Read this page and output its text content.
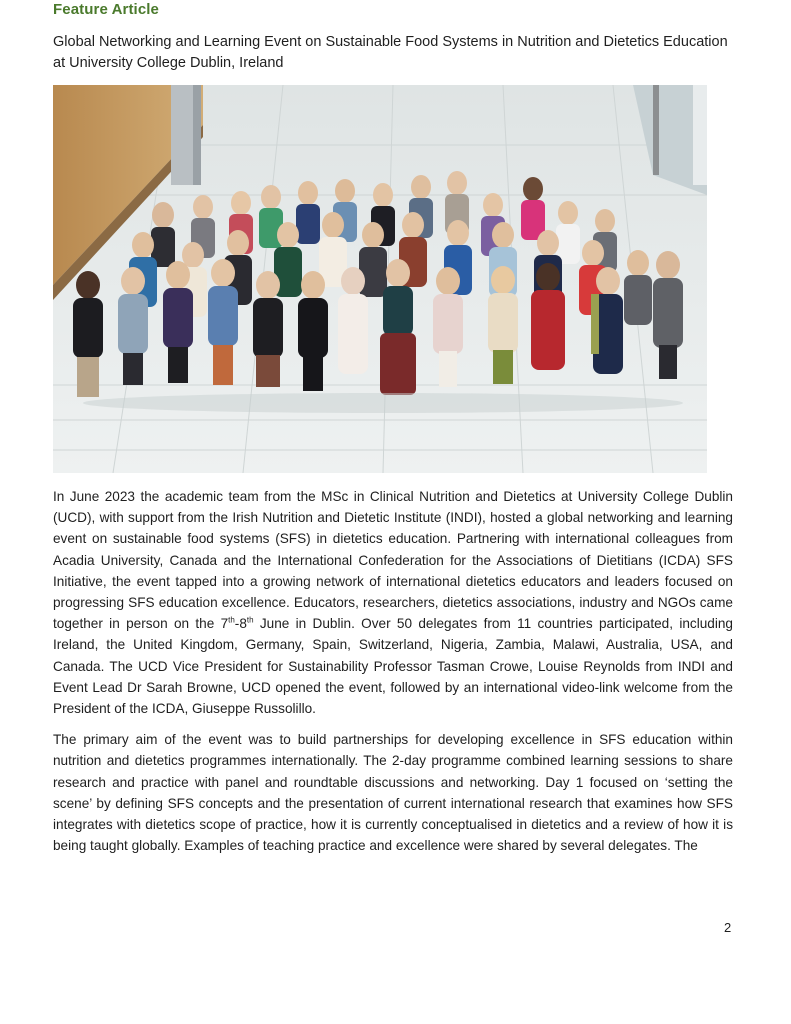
Feature Article
Global Networking and Learning Event on Sustainable Food Systems in Nutrition and Dietetics Education at University College Dublin, Ireland

In June 2023 the academic team from the MSc in Clinical Nutrition and Dietetics at University College Dublin (UCD), with support from the Irish Nutrition and Dietetic Institute (INDI), hosted a global networking and learning event on sustainable food systems (SFS) in dietetics education. Partnering with international colleagues from Acadia University, Canada and the International Confederation for the Associations of Dietitians (ICDA) SFS Initiative, the event tapped into a growing network of international dietetics educators and leaders focused on progressing SFS education excellence. Educators, researchers, dietetics associations, industry and NGOs came together in person on the 7th-8th June in Dublin. Over 50 delegates from 11 countries participated, including Ireland, the United Kingdom, Germany, Spain, Switzerland, Nigeria, Zambia, Malawi, Australia, USA, and Canada. The UCD Vice President for Sustainability Professor Tasman Crowe, Louise Reynolds from INDI and Event Lead Dr Sarah Browne, UCD opened the event, followed by an international video-link welcome from the President of the ICDA, Giuseppe Russolillo.

The primary aim of the event was to build partnerships for developing excellence in SFS education within nutrition and dietetics programmes internationally. The 2-day programme combined learning sessions to share research and practice with panel and roundtable discussions and networking. Day 1 focused on ‘setting the scene’ by defining SFS concepts and the presentation of current international research that examines how SFS integrates with dietetics scope of practice, how it is currently conceptualised in dietetics and a review of how it is being taught globally. Examples of teaching practice and excellence were shared by several delegates. The

2
